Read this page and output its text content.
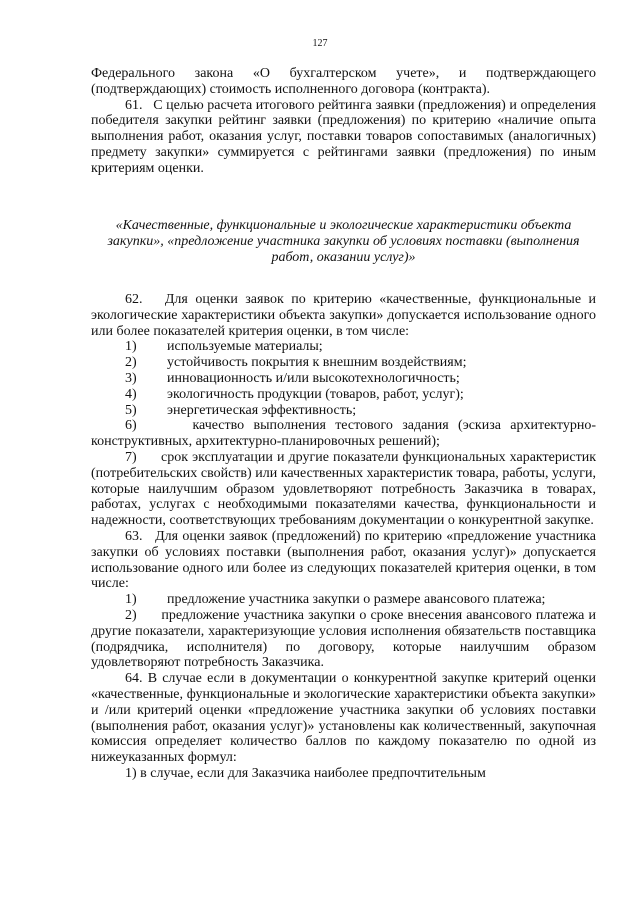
127

Федерального закона «О бухгалтерском учете», и подтверждающего (подтверждающих) стоимость исполненного договора (контракта).

61.   С целью расчета итогового рейтинга заявки (предложения) и определения победителя закупки рейтинг заявки (предложения) по критерию «наличие опыта выполнения работ, оказания услуг, поставки товаров сопоставимых (аналогичных) предмету закупки» суммируется с рейтингами заявки (предложения) по иным критериям оценки.

«Качественные, функциональные и экологические характеристики объекта закупки», «предложение участника закупки об условиях поставки (выполнения работ, оказании услуг)»

62.   Для оценки заявок по критерию «качественные, функциональные и экологические характеристики объекта закупки» допускается использование одного или более показателей критерия оценки, в том числе:

1)	используемые материалы;
2)	устойчивость покрытия к внешним воздействиям;
3)	инновационность и/или высокотехнологичность;
4)	экологичность продукции (товаров, работ, услуг);
5)	энергетическая эффективность;

6)      качество выполнения тестового задания (эскиза архитектурно-конструктивных, архитектурно-планировочных решений);

7)      срок эксплуатации и другие показатели функциональных характеристик (потребительских свойств) или качественных характеристик товара, работы, услуги, которые наилучшим образом удовлетворяют потребность Заказчика в товарах, работах, услугах с необходимыми показателями качества, функциональности и надежности, соответствующих требованиям документации о конкурентной закупке.

63.   Для оценки заявок (предложений) по критерию «предложение участника закупки об условиях поставки (выполнения работ, оказания услуг)» допускается использование одного или более из следующих показателей критерия оценки, в том числе:

1)	предложение участника закупки о размере авансового платежа;

2)      предложение участника закупки о сроке внесения авансового платежа и другие показатели, характеризующие условия исполнения обязательств поставщика (подрядчика, исполнителя) по договору, которые наилучшим образом удовлетворяют потребность Заказчика.

64. В случае если в документации о конкурентной закупке критерий оценки «качественные, функциональные и экологические характеристики объекта закупки» и /или критерий оценки «предложение участника закупки об условиях поставки (выполнения работ, оказания услуг)» установлены как количественный, закупочная комиссия определяет количество баллов по каждому показателю по одной из нижеуказанных формул:

1) в случае, если для Заказчика наиболее предпочтительным
